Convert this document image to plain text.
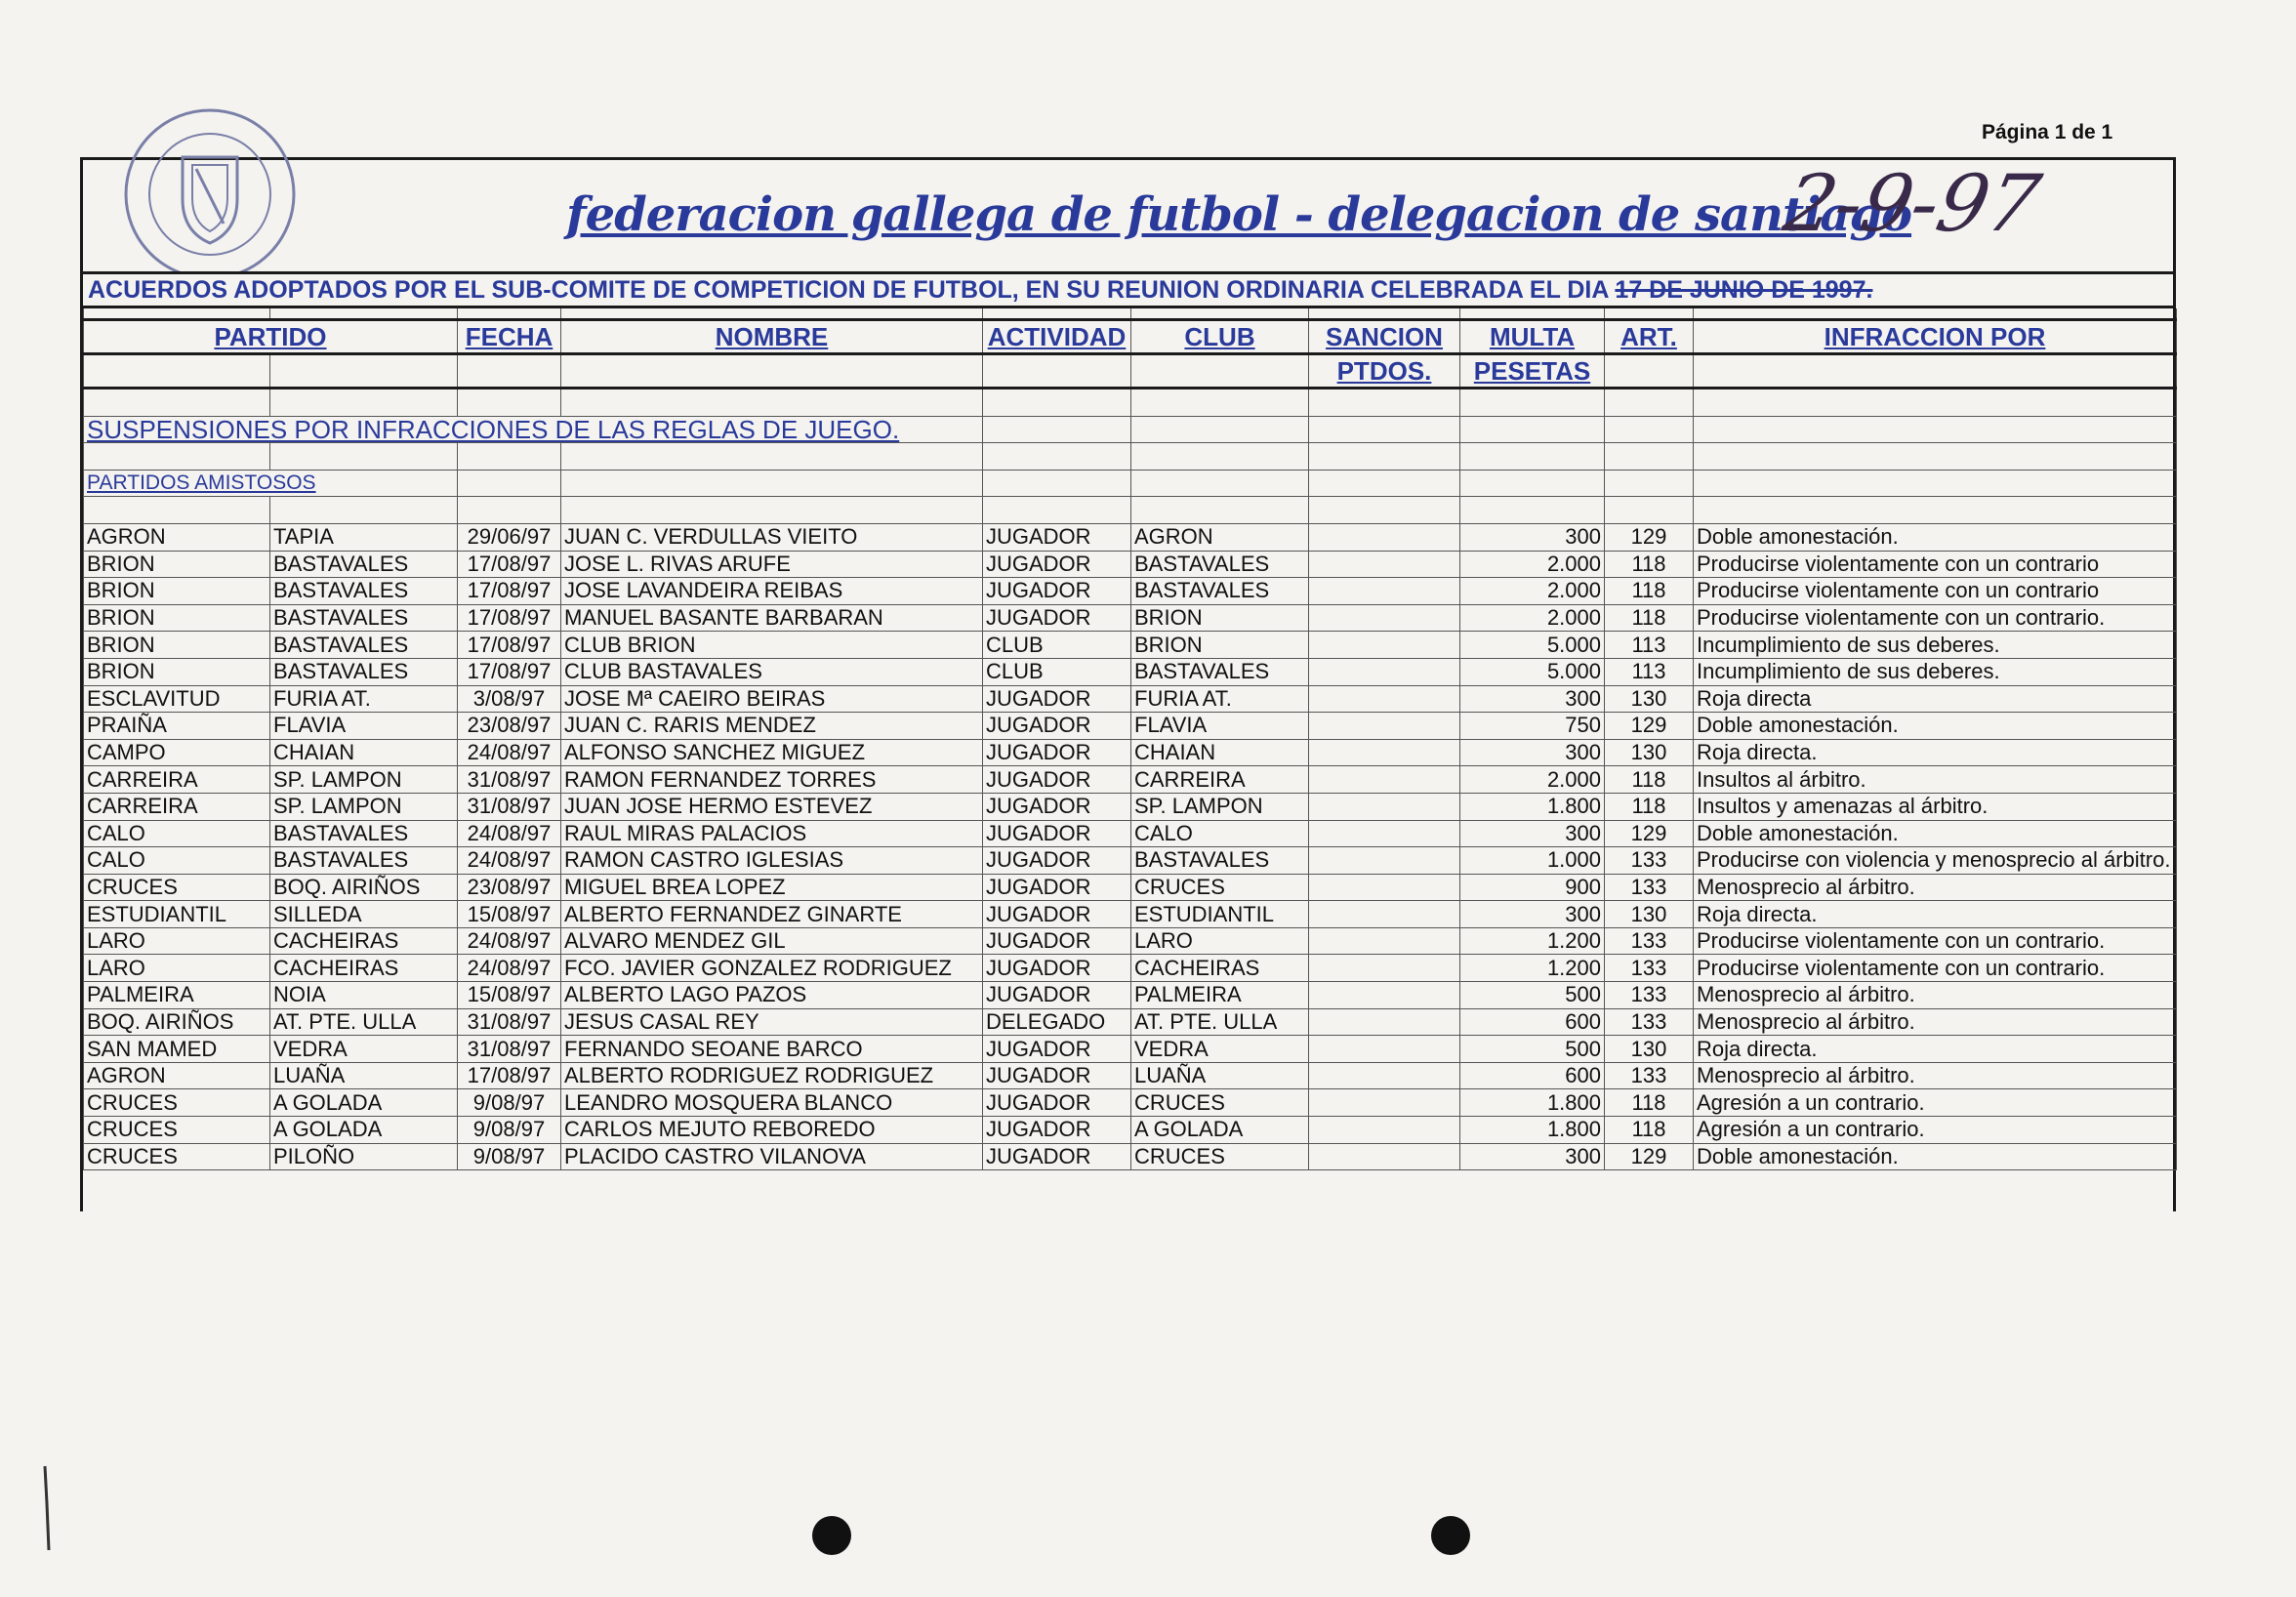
Página 1 de 1
federacion gallega de futbol - delegacion de santiago
2-9-97
ACUERDOS ADOPTADOS POR EL SUB-COMITE DE COMPETICION DE FUTBOL, EN SU REUNION ORDINARIA CELEBRADA EL DIA 17 DE JUNIO DE 1997.

PARTIDO		FECHA	NOMBRE	ACTIVIDAD	CLUB	SANCION	MULTA	ART.	INFRACCION POR
						PTDOS.	PESETAS		

SUSPENSIONES POR INFRACCIONES DE LAS REGLAS DE JUEGO.									

PARTIDOS AMISTOSOS									

AGRON	TAPIA	29/06/97	JUAN C. VERDULLAS VIEITO	JUGADOR	AGRON		300	129	Doble amonestación.
BRION	BASTAVALES	17/08/97	JOSE L. RIVAS ARUFE	JUGADOR	BASTAVALES		2.000	118	Producirse violentamente con un contrario
BRION	BASTAVALES	17/08/97	JOSE LAVANDEIRA REIBAS	JUGADOR	BASTAVALES		2.000	118	Producirse violentamente con un contrario
BRION	BASTAVALES	17/08/97	MANUEL BASANTE BARBARAN	JUGADOR	BRION		2.000	118	Producirse violentamente con un contrario.
BRION	BASTAVALES	17/08/97	CLUB BRION	CLUB	BRION		5.000	113	Incumplimiento de sus deberes.
BRION	BASTAVALES	17/08/97	CLUB BASTAVALES	CLUB	BASTAVALES		5.000	113	Incumplimiento de sus deberes.
ESCLAVITUD	FURIA AT.	3/08/97	JOSE Mª CAEIRO BEIRAS	JUGADOR	FURIA AT.		300	130	Roja directa
PRAIÑA	FLAVIA	23/08/97	JUAN C. RARIS MENDEZ	JUGADOR	FLAVIA		750	129	Doble amonestación.
CAMPO	CHAIAN	24/08/97	ALFONSO SANCHEZ MIGUEZ	JUGADOR	CHAIAN		300	130	Roja directa.
CARREIRA	SP. LAMPON	31/08/97	RAMON FERNANDEZ TORRES	JUGADOR	CARREIRA		2.000	118	Insultos al árbitro.
CARREIRA	SP. LAMPON	31/08/97	JUAN JOSE HERMO ESTEVEZ	JUGADOR	SP. LAMPON		1.800	118	Insultos y amenazas al árbitro.
CALO	BASTAVALES	24/08/97	RAUL MIRAS PALACIOS	JUGADOR	CALO		300	129	Doble amonestación.
CALO	BASTAVALES	24/08/97	RAMON CASTRO IGLESIAS	JUGADOR	BASTAVALES		1.000	133	Producirse con violencia y menosprecio al árbitro.
CRUCES	BOQ. AIRIÑOS	23/08/97	MIGUEL BREA LOPEZ	JUGADOR	CRUCES		900	133	Menosprecio al árbitro.
ESTUDIANTIL	SILLEDA	15/08/97	ALBERTO FERNANDEZ GINARTE	JUGADOR	ESTUDIANTIL		300	130	Roja directa.
LARO	CACHEIRAS	24/08/97	ALVARO MENDEZ GIL	JUGADOR	LARO		1.200	133	Producirse violentamente con un contrario.
LARO	CACHEIRAS	24/08/97	FCO. JAVIER GONZALEZ RODRIGUEZ	JUGADOR	CACHEIRAS		1.200	133	Producirse violentamente con un contrario.
PALMEIRA	NOIA	15/08/97	ALBERTO LAGO PAZOS	JUGADOR	PALMEIRA		500	133	Menosprecio al árbitro.
BOQ. AIRIÑOS	AT. PTE. ULLA	31/08/97	JESUS CASAL REY	DELEGADO	AT. PTE. ULLA		600	133	Menosprecio al árbitro.
SAN MAMED	VEDRA	31/08/97	FERNANDO SEOANE BARCO	JUGADOR	VEDRA		500	130	Roja directa.
AGRON	LUAÑA	17/08/97	ALBERTO RODRIGUEZ RODRIGUEZ	JUGADOR	LUAÑA		600	133	Menosprecio al árbitro.
CRUCES	A GOLADA	9/08/97	LEANDRO MOSQUERA BLANCO	JUGADOR	CRUCES		1.800	118	Agresión a un contrario.
CRUCES	A GOLADA	9/08/97	CARLOS MEJUTO REBOREDO	JUGADOR	A GOLADA		1.800	118	Agresión a un contrario.
CRUCES	PILOÑO	9/08/97	PLACIDO CASTRO VILANOVA	JUGADOR	CRUCES		300	129	Doble amonestación.
